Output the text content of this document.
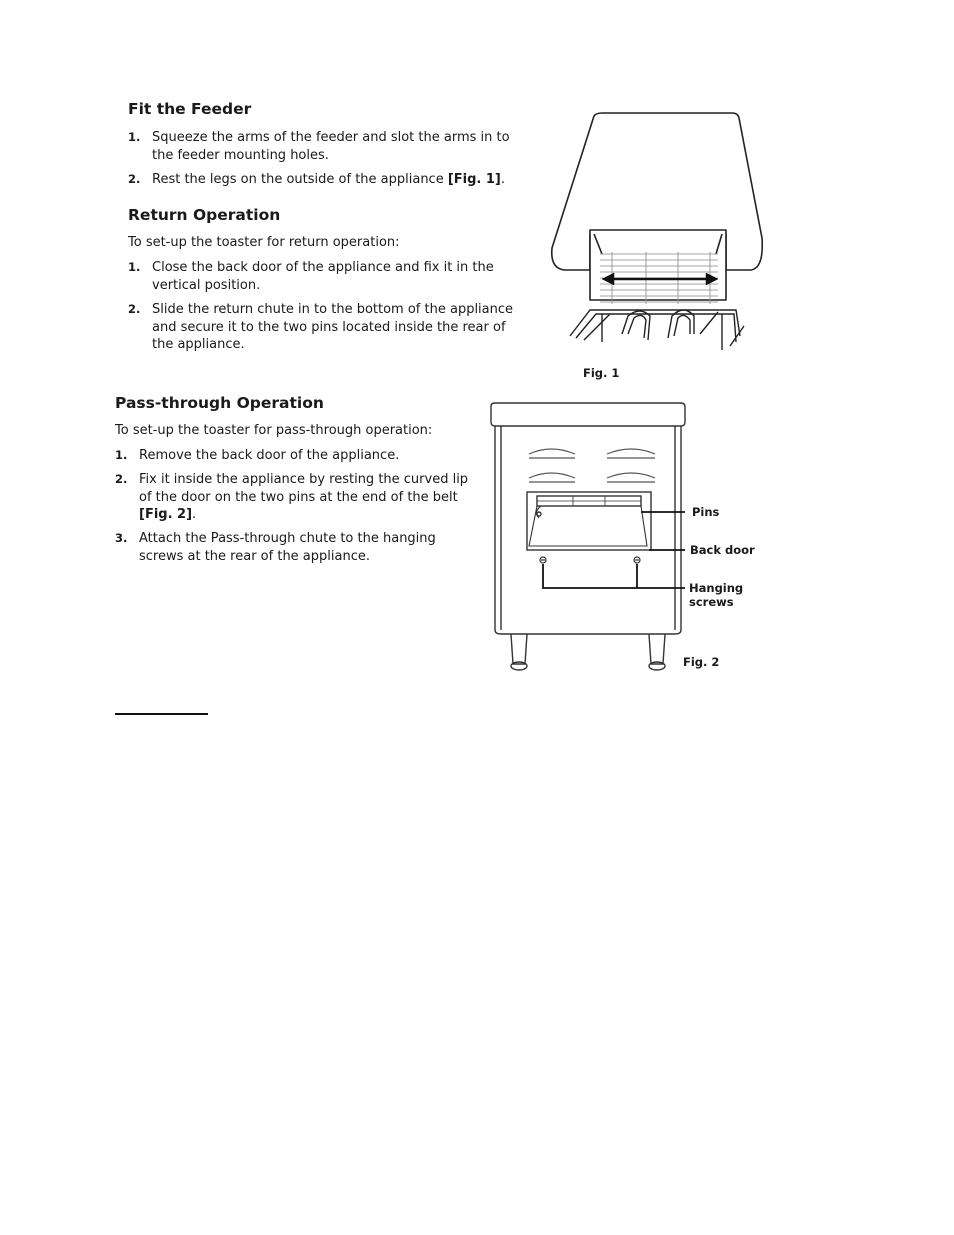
Fit the Feeder
1. Squeeze the arms of the feeder and slot the arms in to the feeder mounting holes.
2. Rest the legs on the outside of the appliance [Fig. 1].
Return Operation

To set-up the toaster for return operation:

1. Close the back door of the appliance and fix it in the vertical position.
2. Slide the return chute in to the bottom of the appliance and secure it to the two pins located inside the rear of the appliance.
Fig. 1
Pass-through Operation

To set-up the toaster for pass-through operation:

1. Remove the back door of the appliance.
2. Fix it inside the appliance by resting the curved lip of the door on the two pins at the end of the belt
[Fig. 2].
3. Attach the Pass-through chute to the hanging screws at the rear of the appliance.
Pins
Back door
Hanging screws
Fig. 2
